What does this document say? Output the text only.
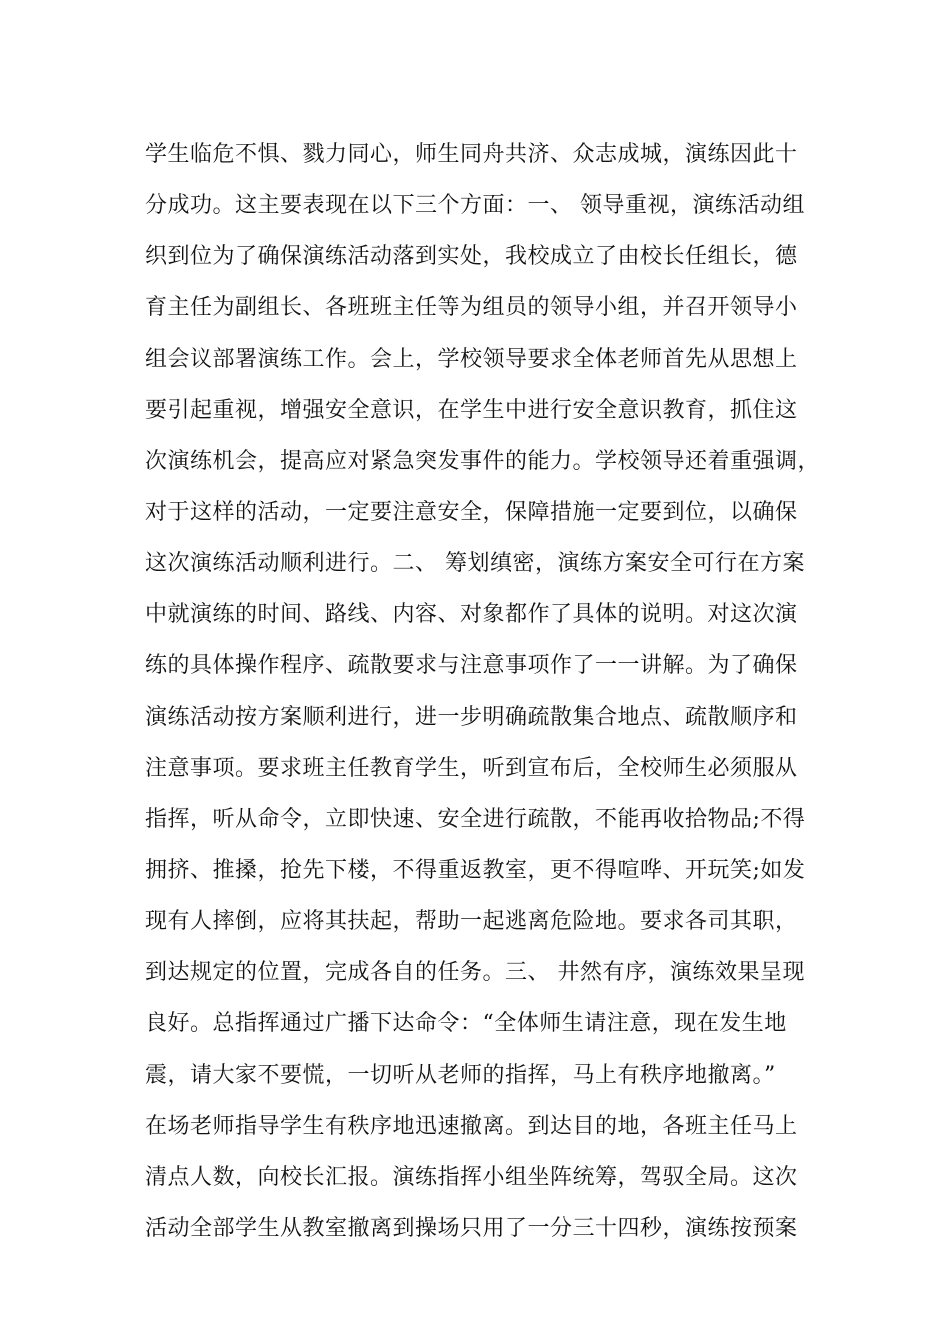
学生临危不惧、戮力同心，师生同舟共济、众志成城，演练因此十
分成功。这主要表现在以下三个方面：一、 领导重视，演练活动组
织到位为了确保演练活动落到实处，我校成立了由校长任组长，德
育主任为副组长、各班班主任等为组员的领导小组，并召开领导小
组会议部署演练工作。会上，学校领导要求全体老师首先从思想上
要引起重视，增强安全意识，在学生中进行安全意识教育，抓住这
次演练机会，提高应对紧急突发事件的能力。学校领导还着重强调，
对于这样的活动，一定要注意安全，保障措施一定要到位，以确保
这次演练活动顺利进行。二、 筹划缜密，演练方案安全可行在方案
中就演练的时间、路线、内容、对象都作了具体的说明。对这次演
练的具体操作程序、疏散要求与注意事项作了一一讲解。为了确保
演练活动按方案顺利进行，进一步明确疏散集合地点、疏散顺序和
注意事项。要求班主任教育学生，听到宣布后，全校师生必须服从
指挥，听从命令，立即快速、安全进行疏散，不能再收拾物品;不得
拥挤、推搡，抢先下楼，不得重返教室，更不得喧哗、开玩笑;如发
现有人摔倒，应将其扶起，帮助一起逃离危险地。要求各司其职，
到达规定的位置，完成各自的任务。三、 井然有序，演练效果呈现
良好。总指挥通过广播下达命令：“全体师生请注意，现在发生地
震，请大家不要慌，一切听从老师的指挥，马上有秩序地撤离。”
在场老师指导学生有秩序地迅速撤离。到达目的地，各班主任马上
清点人数，向校长汇报。演练指挥小组坐阵统筹，驾驭全局。这次
活动全部学生从教室撤离到操场只用了一分三十四秒，演练按预案
